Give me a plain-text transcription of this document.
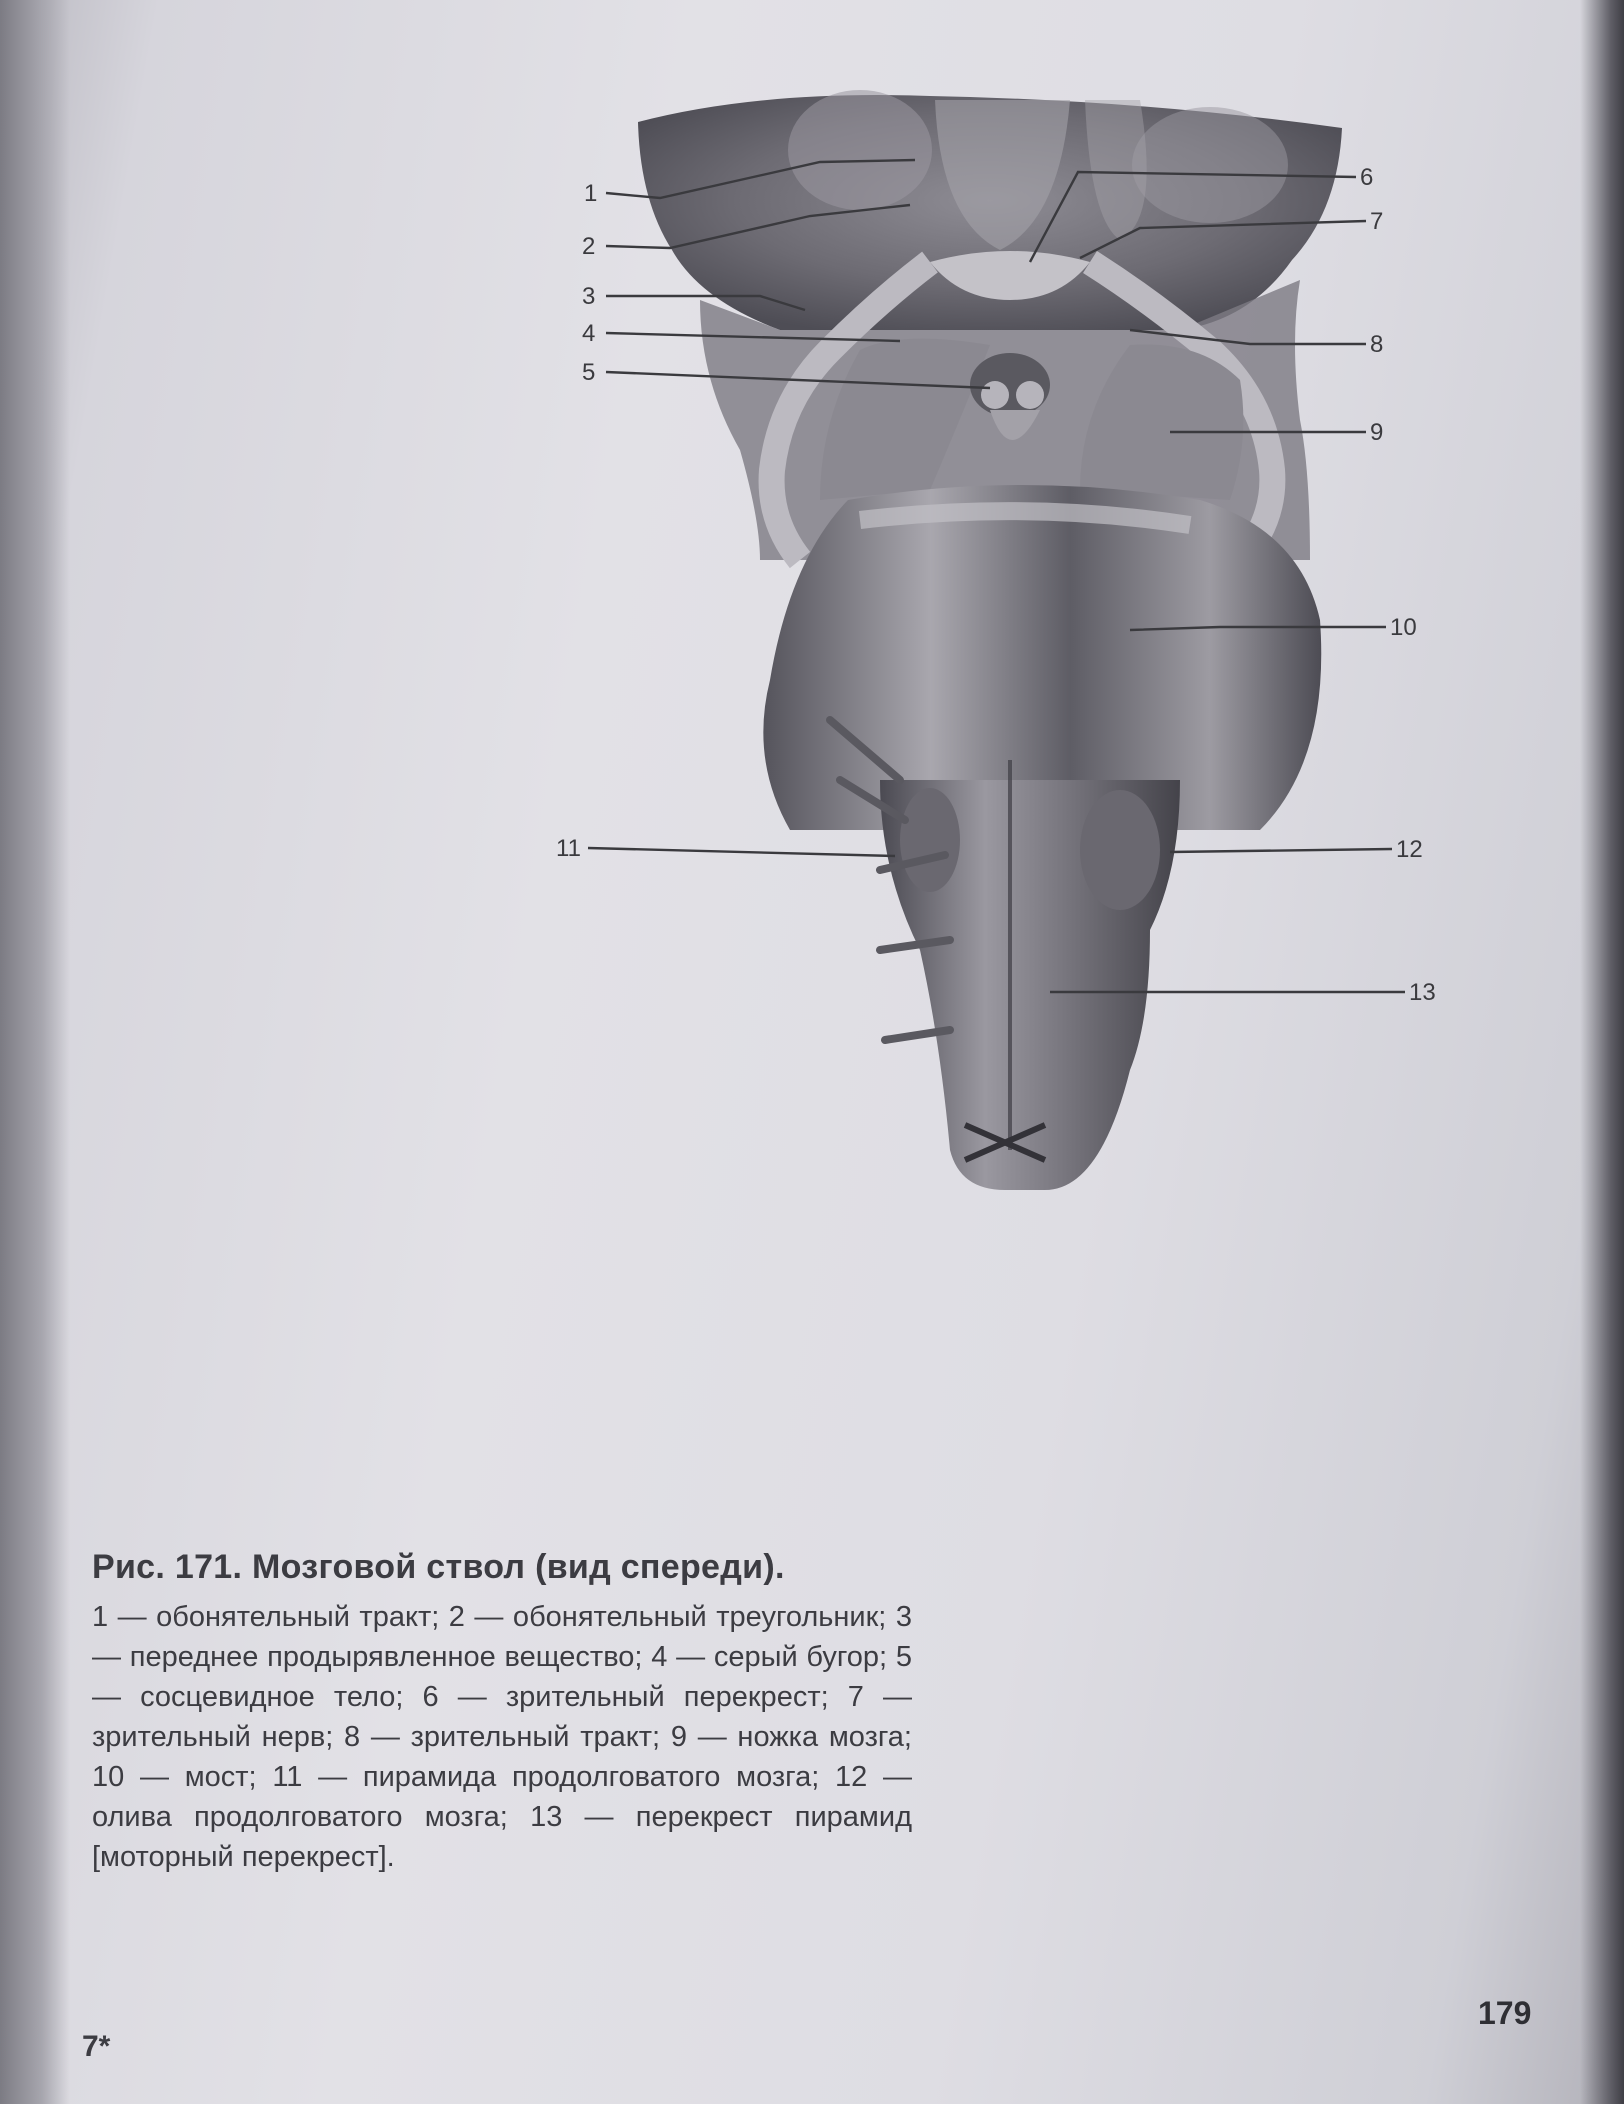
1
2
3
4
5
6
7
8
9
10
11	12
13

Рис. 171. Мозговой ствол (вид спереди).

1 — обонятельный тракт; 2 — обонятельный треугольник; 3 — переднее продырявленное вещество; 4 — серый бугор; 5 — сосцевидное тело; 6 — зрительный перекрест; 7 — зрительный нерв; 8 — зрительный тракт; 9 — ножка мозга; 10 — мост; 11 — пирамида продолговатого мозга; 12 — олива продолговатого мозга; 13 — перекрест пирамид [моторный перекрест].

179
7*
